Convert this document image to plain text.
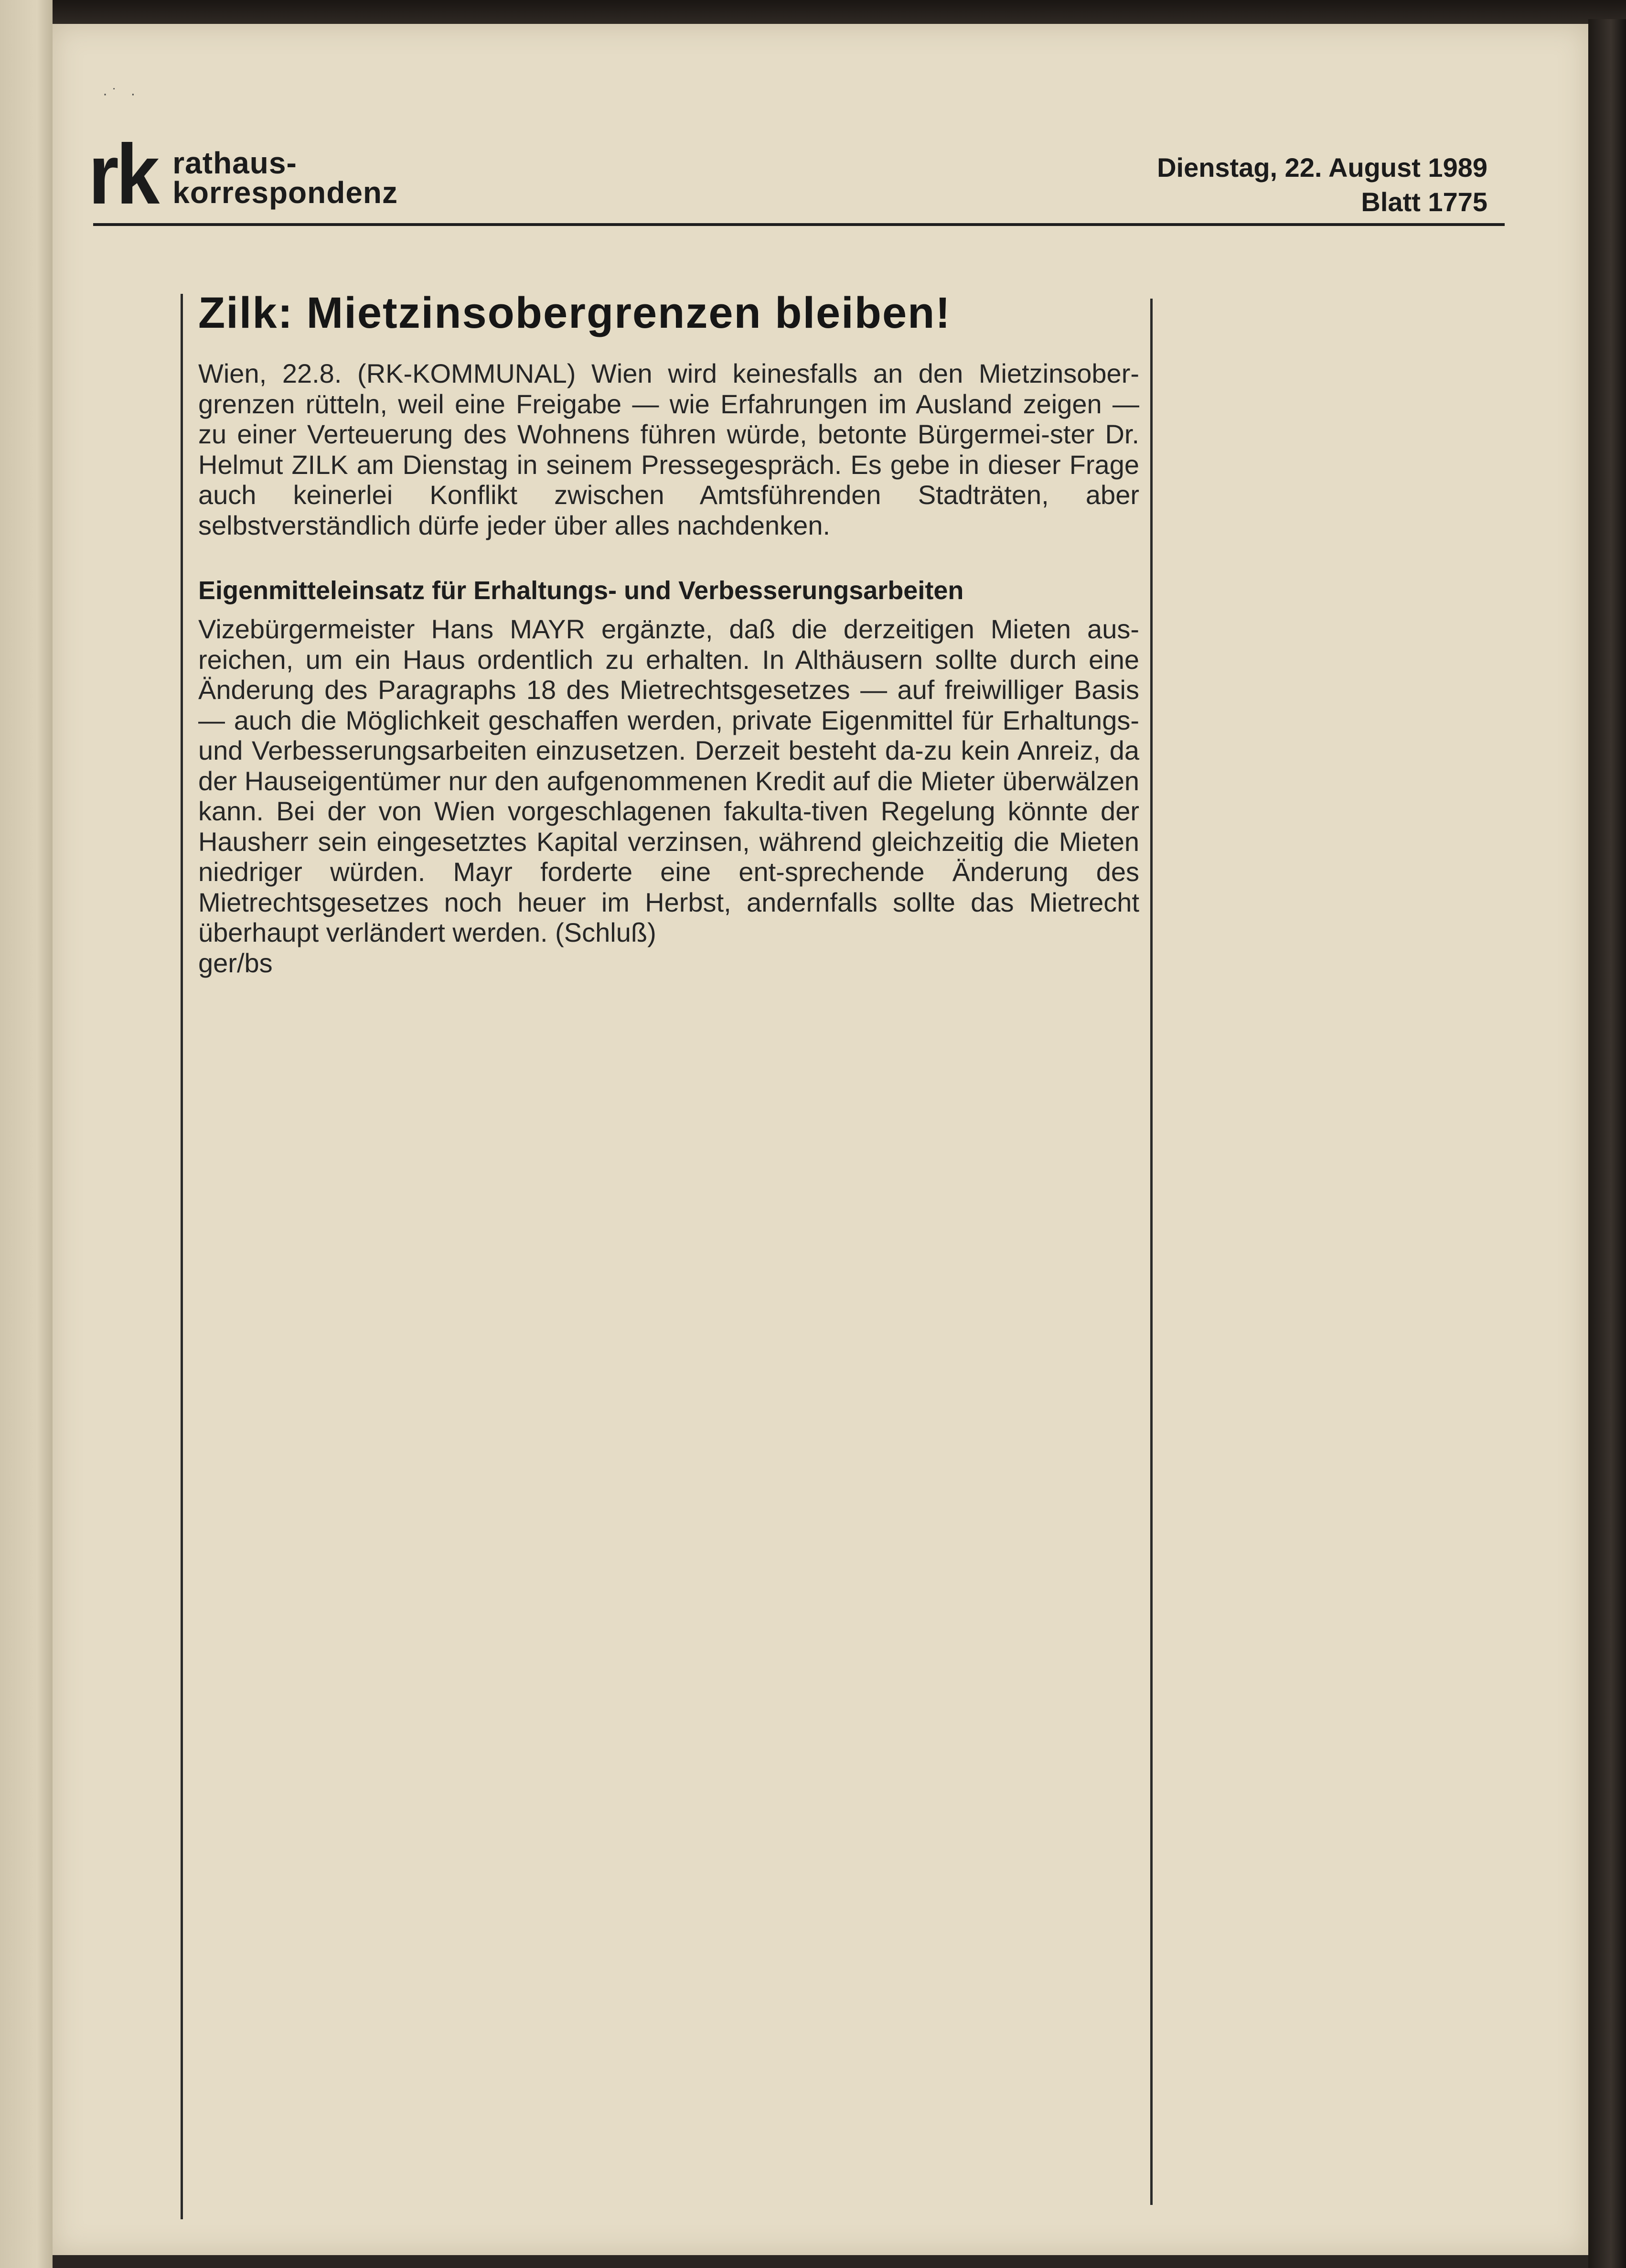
·˙ ·
rk rathaus-
korrespondenz
Dienstag, 22. August 1989
Blatt 1775
Zilk: Mietzinsobergrenzen bleiben!

Wien, 22.8. (RK-KOMMUNAL) Wien wird keinesfalls an den Mietzinsober-grenzen rütteln, weil eine Freigabe — wie Erfahrungen im Ausland zeigen — zu einer Verteuerung des Wohnens führen würde, betonte Bürgermei-ster Dr. Helmut ZILK am Dienstag in seinem Pressegespräch. Es gebe in dieser Frage auch keinerlei Konflikt zwischen Amtsführenden Stadträten, aber selbstverständlich dürfe jeder über alles nachdenken.

Eigenmitteleinsatz für Erhaltungs- und Verbesserungsarbeiten

Vizebürgermeister Hans MAYR ergänzte, daß die derzeitigen Mieten aus-reichen, um ein Haus ordentlich zu erhalten. In Althäusern sollte durch eine Änderung des Paragraphs 18 des Mietrechtsgesetzes — auf freiwilliger Basis — auch die Möglichkeit geschaffen werden, private Eigenmittel für Erhaltungs- und Verbesserungsarbeiten einzusetzen. Derzeit besteht da-zu kein Anreiz, da der Hauseigentümer nur den aufgenommenen Kredit auf die Mieter überwälzen kann. Bei der von Wien vorgeschlagenen fakulta-tiven Regelung könnte der Hausherr sein eingesetztes Kapital verzinsen, während gleichzeitig die Mieten niedriger würden. Mayr forderte eine ent-sprechende Änderung des Mietrechtsgesetzes noch heuer im Herbst, andernfalls sollte das Mietrecht überhaupt verländert werden. (Schluß)

ger/bs
